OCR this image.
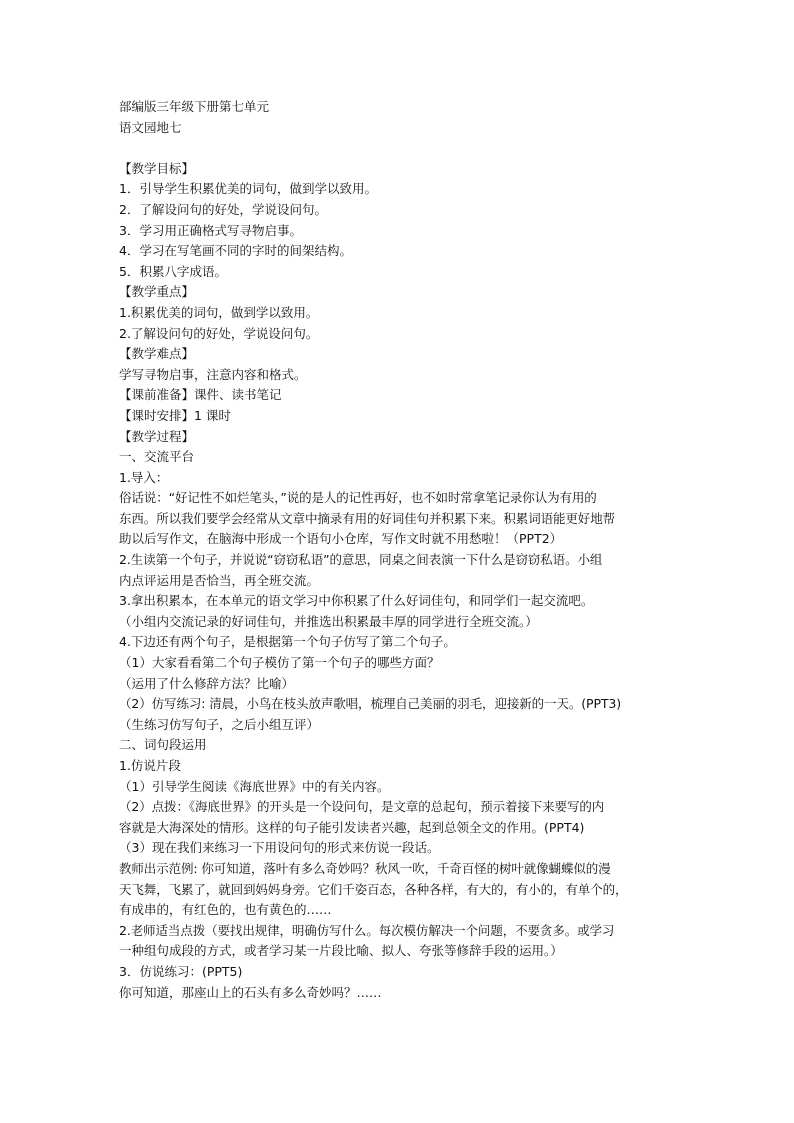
部编版三年级下册第七单元
语文园地七
【教学目标】
1．引导学生积累优美的词句，做到学以致用。
2．了解设问句的好处，学说设问句。
3．学习用正确格式写寻物启事。
4．学习在写笔画不同的字时的间架结构。
5．积累八字成语。
【教学重点】
1.积累优美的词句，做到学以致用。
2.了解设问句的好处，学说设问句。
【教学难点】
学写寻物启事，注意内容和格式。
【课前准备】课件、读书笔记
【课时安排】1 课时
【教学过程】
一、交流平台
1.导入：
俗话说：“好记性不如烂笔头，”说的是人的记性再好，也不如时常拿笔记录你认为有用的
东西。所以我们要学会经常从文章中摘录有用的好词佳句并积累下来。积累词语能更好地帮
助以后写作文，在脑海中形成一个语句小仓库，写作文时就不用愁啦！（PPT2）
2.生读第一个句子，并说说“窃窃私语”的意思，同桌之间表演一下什么是窃窃私语。小组
内点评运用是否恰当，再全班交流。
3.拿出积累本，在本单元的语文学习中你积累了什么好词佳句，和同学们一起交流吧。
（小组内交流记录的好词佳句，并推选出积累最丰厚的同学进行全班交流。）
4.下边还有两个句子，是根据第一个句子仿写了第二个句子。
（1）大家看看第二个句子模仿了第一个句子的哪些方面？
（运用了什么修辞方法？比喻）
（2）仿写练习: 清晨，小鸟在枝头放声歌唱，梳理自己美丽的羽毛，迎接新的一天。(PPT3)
（生练习仿写句子，之后小组互评）
二、词句段运用
1.仿说片段
（1）引导学生阅读《海底世界》中的有关内容。
（2）点拨：《海底世界》的开头是一个设问句，是文章的总起句，预示着接下来要写的内
容就是大海深处的情形。这样的句子能引发读者兴趣，起到总领全文的作用。(PPT4)
（3）现在我们来练习一下用设问句的形式来仿说一段话。
教师出示范例: 你可知道，落叶有多么奇妙吗？秋风一吹，千奇百怪的树叶就像蝴蝶似的漫
天飞舞，飞累了，就回到妈妈身旁。它们千姿百态，各种各样，有大的，有小的，有单个的，
有成串的，有红色的，也有黄色的……
2.老师适当点拨（要找出规律，明确仿写什么。每次模仿解决一个问题，不要贪多。或学习
一种组句成段的方式，或者学习某一片段比喻、拟人、夸张等修辞手段的运用。）
3．仿说练习：(PPT5)
你可知道，那座山上的石头有多么奇妙吗？……
